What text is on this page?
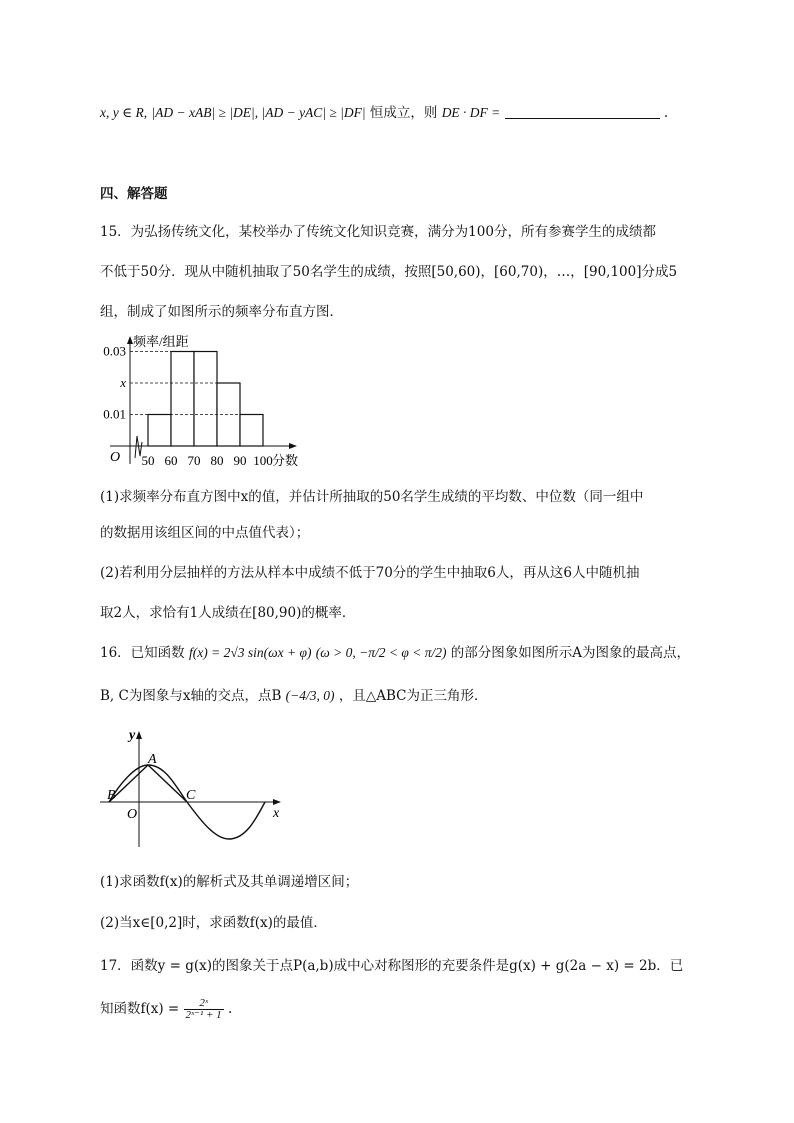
x, y ∈ R, |AD − xAB| ≥ |DE|, |AD − yAC| ≥ |DF| 恒成立，则 DE · DF =	.
四、解答题
15．为弘扬传统文化，某校举办了传统文化知识竞赛，满分为100分，所有参赛学生的成绩都
不低于50分．现从中随机抽取了50名学生的成绩，按照[50,60)，[60,70)，…，[90,100]分成5
组，制成了如图所示的频率分布直方图．
0.01
x
0.03
50 60 70 80 90 100
频率/组距
分数
O
(1)求频率分布直方图中x的值，并估计所抽取的50名学生成绩的平均数、中位数（同一组中
的数据用该组区间的中点值代表）；
(2)若利用分层抽样的方法从样本中成绩不低于70分的学生中抽取6人，再从这6人中随机抽
取2人，求恰有1人成绩在[80,90)的概率．
16．已知函数 f(x) = 2√3 sin(ωx + φ) (ω > 0, −π/2 < φ < π/2) 的部分图象如图所示A为图象的最高点，
B, C为图象与x轴的交点，点B (−4/3, 0) ，且△ABC为正三角形．
y
x
O
A
B	C
(1)求函数f(x)的解析式及其单调递增区间；
(2)当x∈[0,2]时，求函数f(x)的最值．
17．函数y = g(x)的图象关于点P(a,b)成中心对称图形的充要条件是g(x) + g(2a − x) = 2b．已
知函数$f(x) = \frac{\text{2ˣ}}{\text{2ˣ⁻¹ + 1}}$ .
